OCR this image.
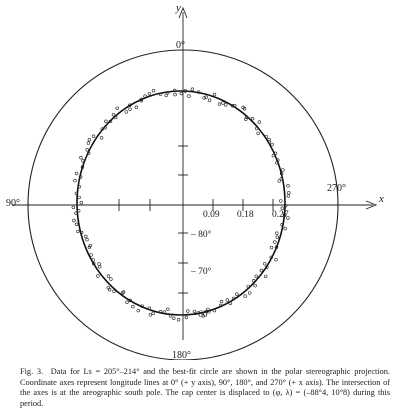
y
x
0°
270°
180°
90°
0.09 0.18 0.27
– 80°
– 70°
– 60°
Fig. 3. Data for Ls = 205°–214° and the best-fit circle are shown in the polar stereographic projection. Coordinate axes represent longitude lines at 0° (+ y axis), 90°, 180°, and 270° (+ x axis). The intersection of the axes is at the areographic south pole. The cap center is displaced to (φ, λ) = (–88°4, 10°8) during this period.
